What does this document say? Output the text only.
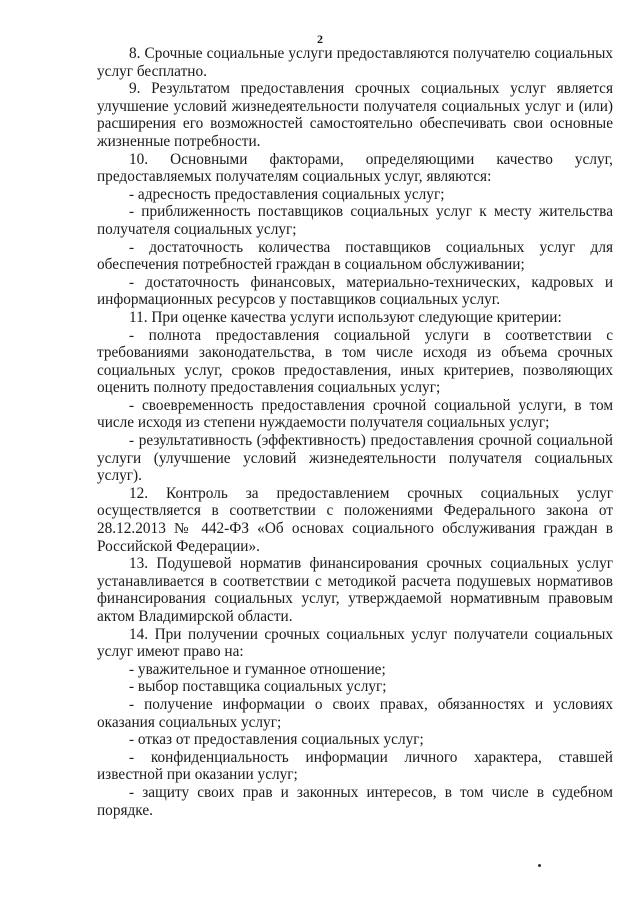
2

8. Срочные социальные услуги предоставляются получателю социальных услуг бесплатно.

9. Результатом предоставления срочных социальных услуг является улучшение условий жизнедеятельности получателя социальных услуг и (или) расширения его возможностей самостоятельно обеспечивать свои основные жизненные потребности.

10. Основными факторами, определяющими качество услуг, предоставляемых получателям социальных услуг, являются:

- адресность предоставления социальных услуг;

- приближенность поставщиков социальных услуг к месту жительства получателя социальных услуг;

- достаточность количества поставщиков социальных услуг для обеспечения потребностей граждан в социальном обслуживании;

- достаточность финансовых, материально-технических, кадровых и информационных ресурсов у поставщиков социальных услуг.

11. При оценке качества услуги используют следующие критерии:

- полнота предоставления социальной услуги в соответствии с требованиями законодательства, в том числе исходя из объема срочных социальных услуг, сроков предоставления, иных критериев, позволяющих оценить полноту предоставления социальных услуг;

- своевременность предоставления срочной социальной услуги, в том числе исходя из степени нуждаемости получателя социальных услуг;

- результативность (эффективность) предоставления срочной социальной услуги (улучшение условий жизнедеятельности получателя социальных услуг).

12. Контроль за предоставлением срочных социальных услуг осуществляется в соответствии с положениями Федерального закона от 28.12.2013 № 442-ФЗ «Об основах социального обслуживания граждан в Российской Федерации».

13. Подушевой норматив финансирования срочных социальных услуг устанавливается в соответствии с методикой расчета подушевых нормативов финансирования социальных услуг, утверждаемой нормативным правовым актом Владимирской области.

14. При получении срочных социальных услуг получатели социальных услуг имеют право на:

- уважительное и гуманное отношение;

- выбор поставщика социальных услуг;

- получение информации о своих правах, обязанностях и условиях оказания социальных услуг;

- отказ от предоставления социальных услуг;

- конфиденциальность информации личного характера, ставшей известной при оказании услуг;

- защиту своих прав и законных интересов, в том числе в судебном порядке.
